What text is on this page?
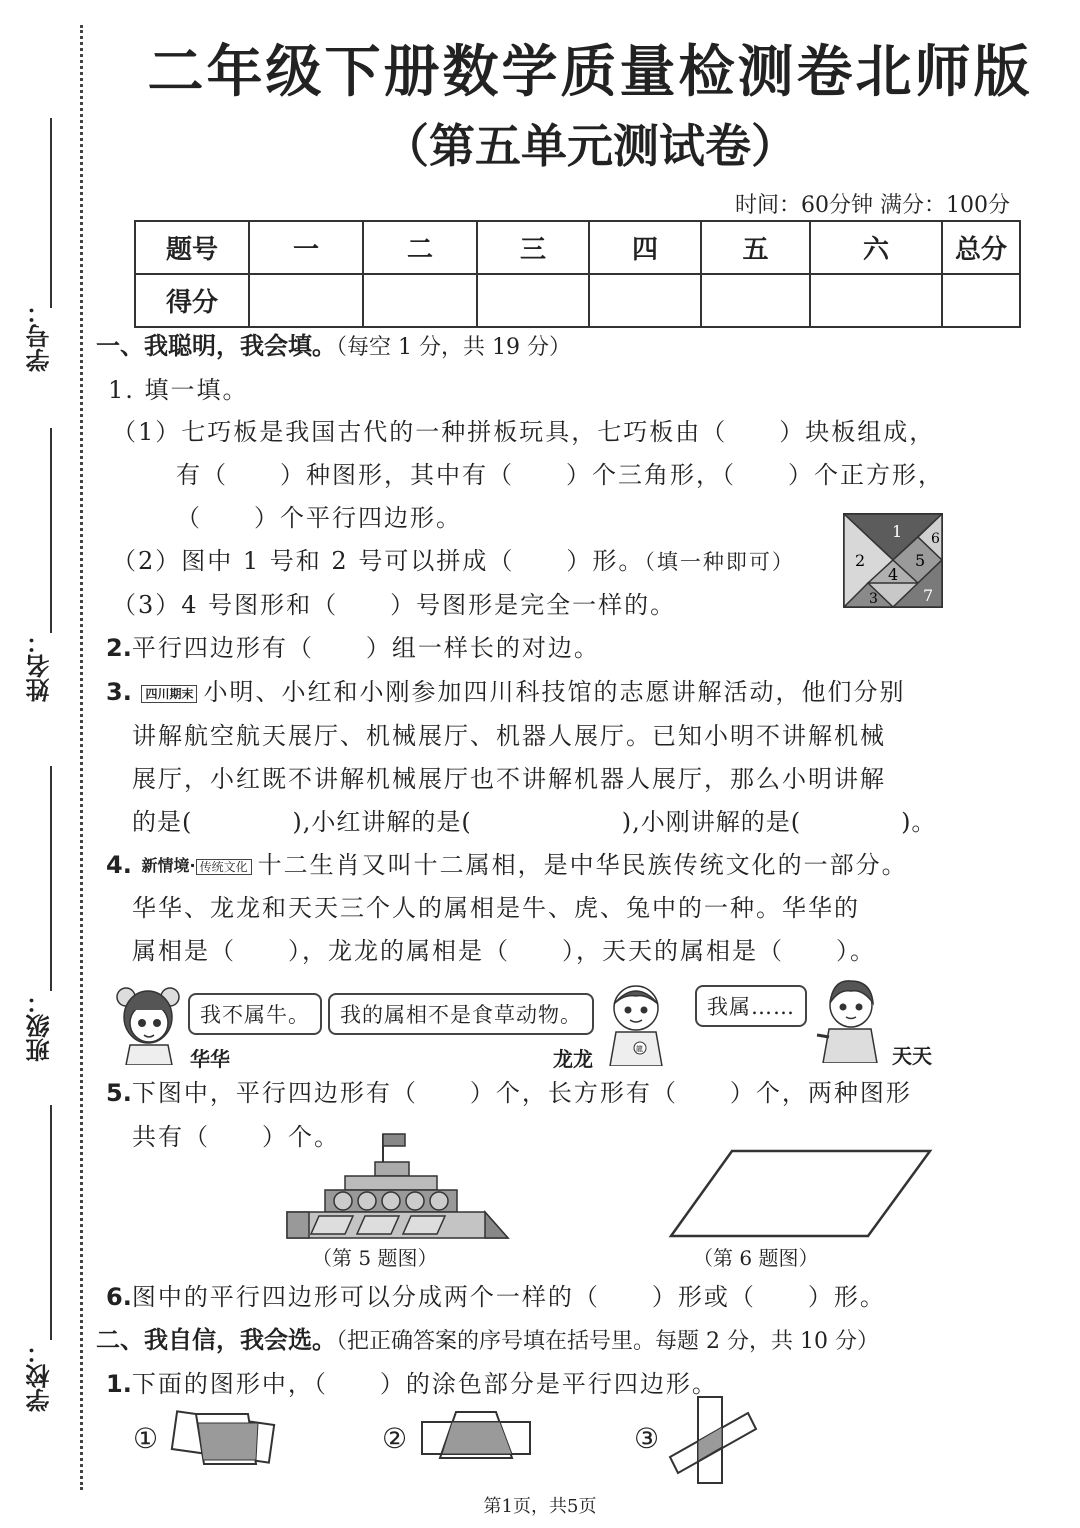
学号：
姓名：
班级：
学校：
二年级下册数学质量检测卷北师版
（第五单元测试卷）
时间：60分钟 满分：100分
题号	一	二	三	四	五	六	总分
得分							
一、我聪明，我会填。（每空 1 分，共 19 分）
1. 填一填。
（1）七巧板是我国古代的一种拼板玩具，七巧板由（　　）块板组成，
有（　　）种图形，其中有（　　）个三角形，（　　）个正方形，
（　　）个平行四边形。
（2）图中 1 号和 2 号可以拼成（　　）形。（填一种即可）
（3）4 号图形和（　　）号图形是完全一样的。
1
2
3
4
5
6
7
2.平行四边形有（　　）组一样长的对边。
3. 四川期末 小明、小红和小刚参加四川科技馆的志愿讲解活动，他们分别
讲解航空航天展厅、机械展厅、机器人展厅。已知小明不讲解机械
展厅，小红既不讲解机械展厅也不讲解机器人展厅，那么小明讲解
的是(　　　　),小红讲解的是(　　　　　　),小刚讲解的是(　　　　)。
4. 新情境· 传统文化 十二生肖又叫十二属相，是中华民族传统文化的一部分。
华华、龙龙和天天三个人的属相是牛、虎、兔中的一种。华华的
属相是（　　），龙龙的属相是（　　），天天的属相是（　　）。
我不属牛。	我的属相不是食草动物。
龍
我属……
华华	龙龙	天天
5.下图中，平行四边形有（　　）个，长方形有（　　）个，两种图形
共有（　　）个。
（第 5 题图）	（第 6 题图）
6.图中的平行四边形可以分成两个一样的（　　）形或（　　）形。
二、我自信，我会选。（把正确答案的序号填在括号里。每题 2 分，共 10 分）
1.下面的图形中，（　　）的涂色部分是平行四边形。
①	②	③
第1页，共5页
